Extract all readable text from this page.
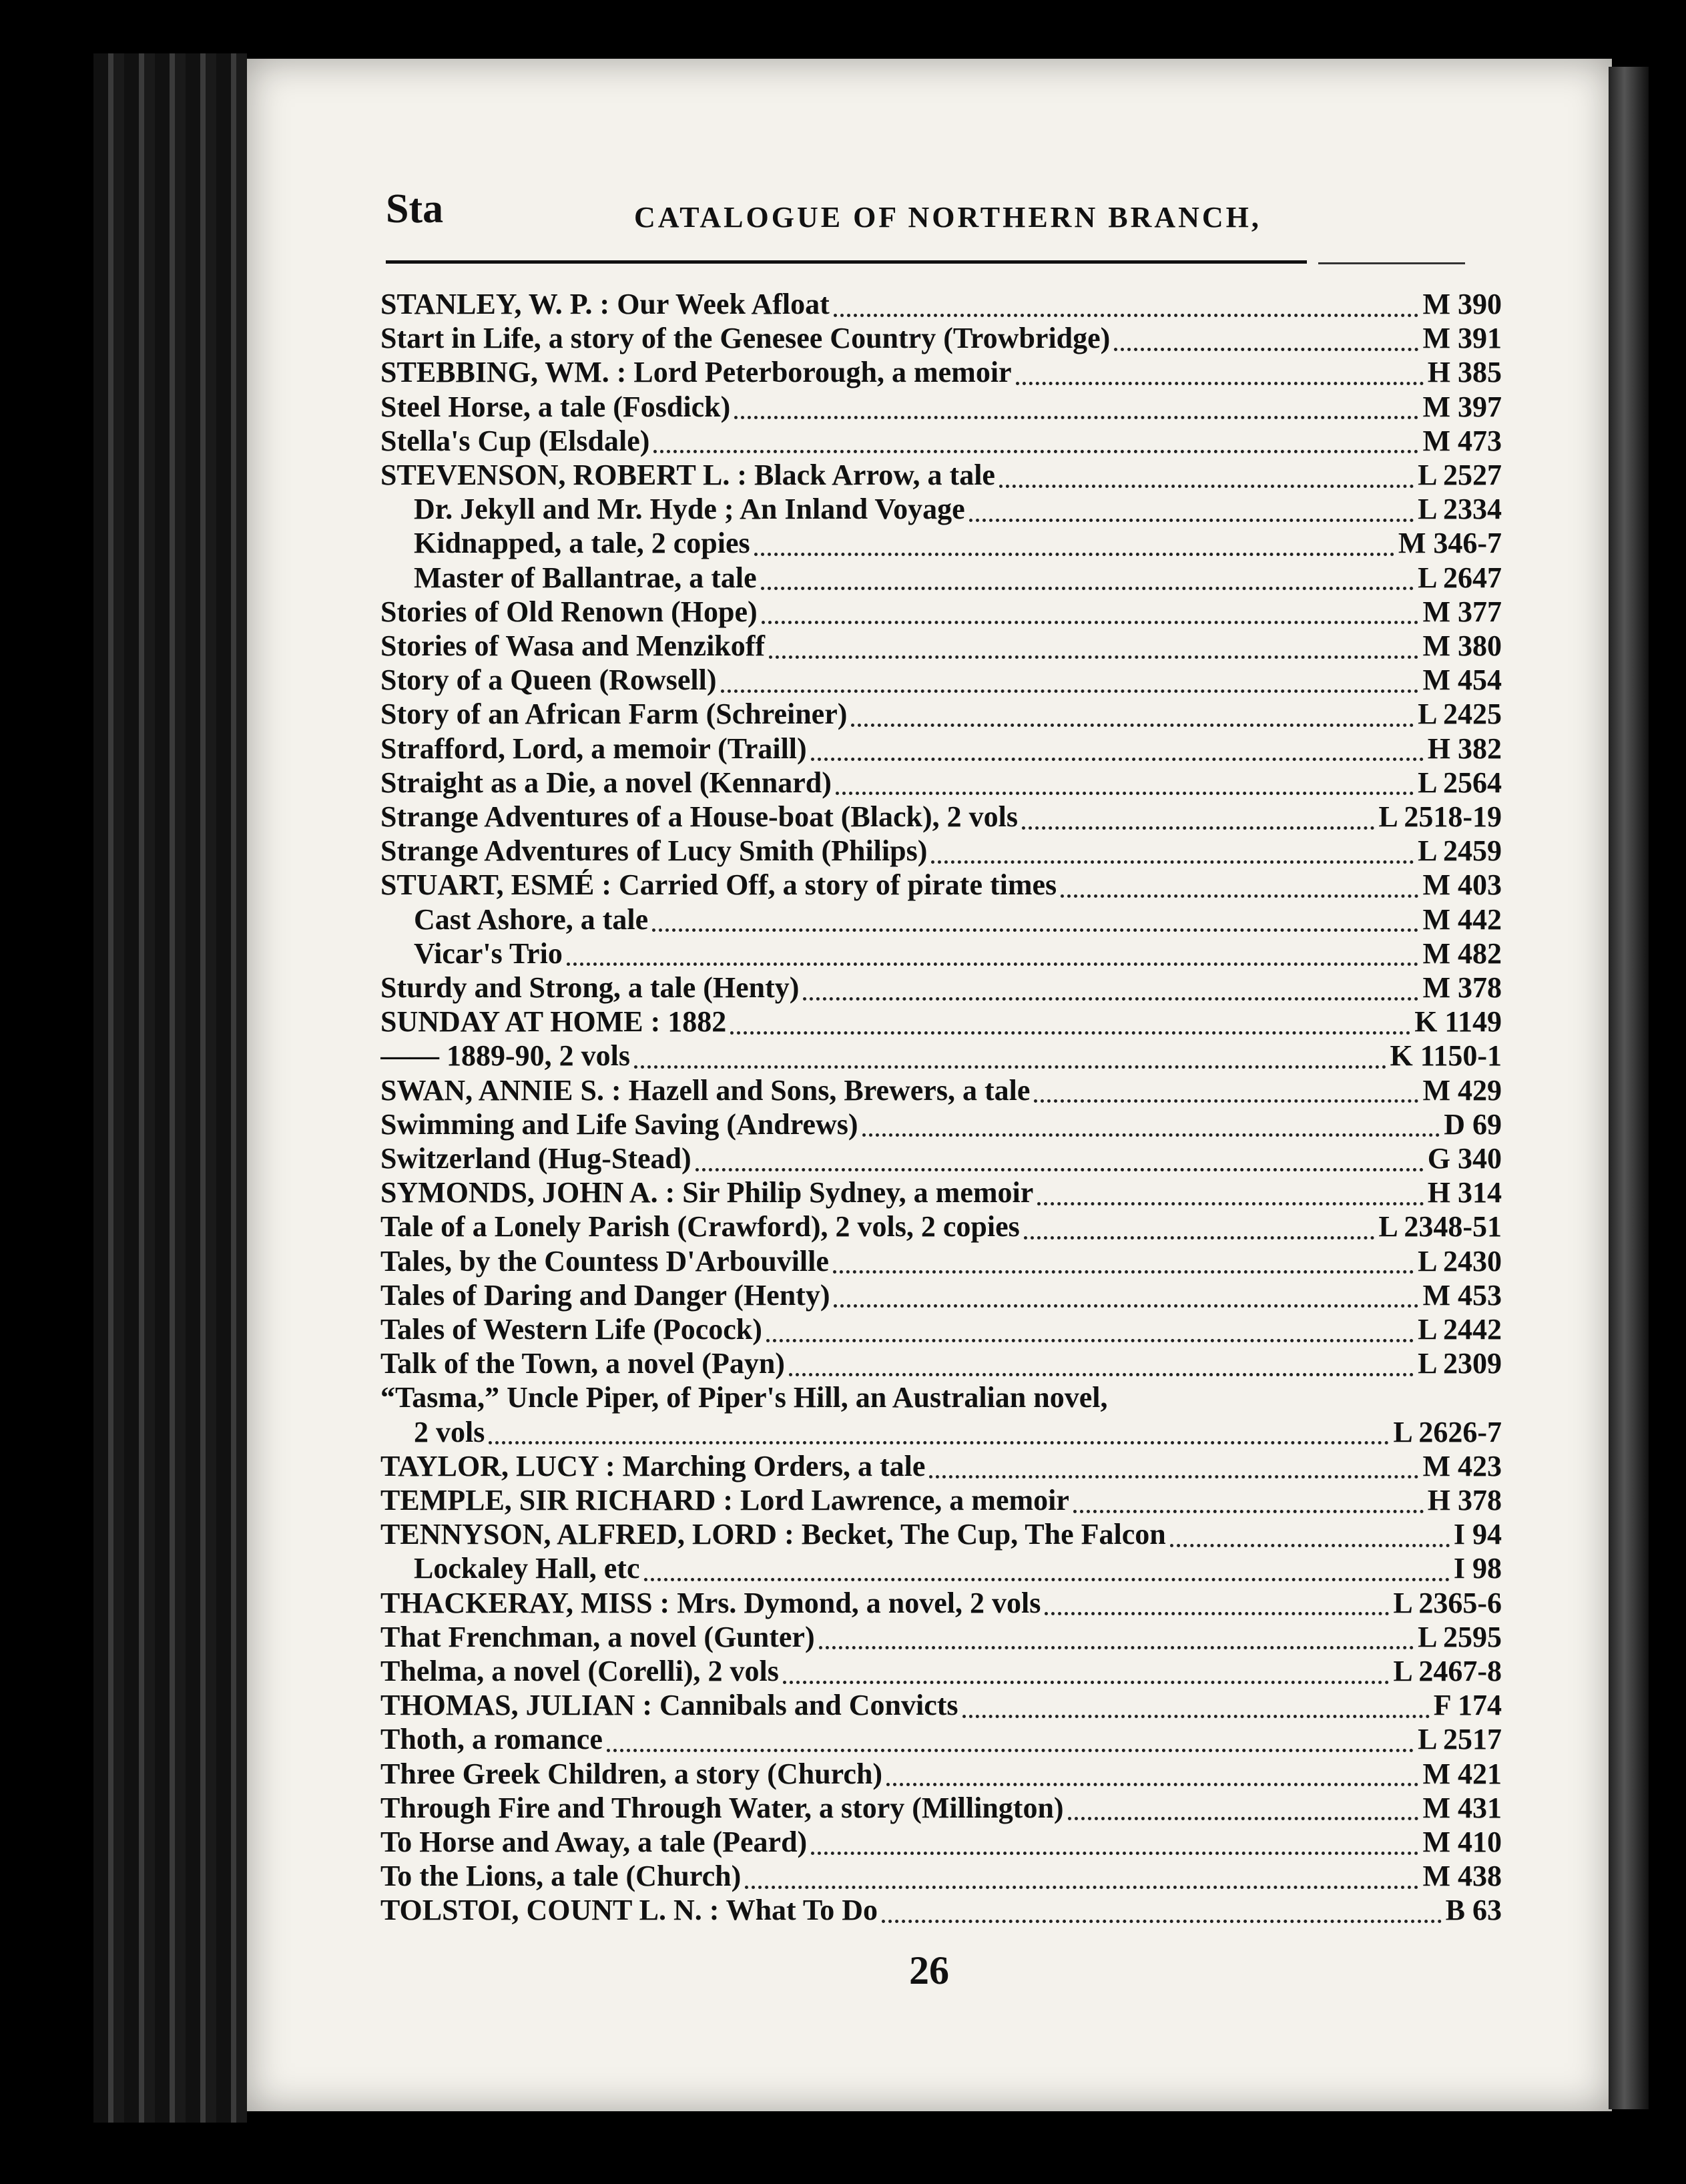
Sta	CATALOGUE OF NORTHERN BRANCH,
STANLEY, W. P. : Our Week Afloat	M 390
Start in Life, a story of the Genesee Country (Trowbridge)	M 391
STEBBING, WM. : Lord Peterborough, a memoir	H 385
Steel Horse, a tale (Fosdick)	M 397
Stella's Cup (Elsdale)	M 473
STEVENSON, ROBERT L. : Black Arrow, a tale	L 2527
Dr. Jekyll and Mr. Hyde ; An Inland Voyage	L 2334
Kidnapped, a tale, 2 copies	M 346-7
Master of Ballantrae, a tale	L 2647
Stories of Old Renown (Hope)	M 377
Stories of Wasa and Menzikoff	M 380
Story of a Queen (Rowsell)	M 454
Story of an African Farm (Schreiner)	L 2425
Strafford, Lord, a memoir (Traill)	H 382
Straight as a Die, a novel (Kennard)	L 2564
Strange Adventures of a House-boat (Black), 2 vols	L 2518-19
Strange Adventures of Lucy Smith (Philips)	L 2459
STUART, ESMÉ : Carried Off, a story of pirate times	M 403
Cast Ashore, a tale	M 442
Vicar's Trio	M 482
Sturdy and Strong, a tale (Henty)	M 378
SUNDAY AT HOME : 1882	K 1149
—— 1889-90, 2 vols	K 1150-1
SWAN, ANNIE S. : Hazell and Sons, Brewers, a tale	M 429
Swimming and Life Saving (Andrews)	D 69
Switzerland (Hug-Stead)	G 340
SYMONDS, JOHN A. : Sir Philip Sydney, a memoir	H 314
Tale of a Lonely Parish (Crawford), 2 vols, 2 copies	L 2348-51
Tales, by the Countess D'Arbouville	L 2430
Tales of Daring and Danger (Henty)	M 453
Tales of Western Life (Pocock)	L 2442
Talk of the Town, a novel (Payn)	L 2309
“Tasma,” Uncle Piper, of Piper's Hill, an Australian novel,
2 vols	L 2626-7
TAYLOR, LUCY : Marching Orders, a tale	M 423
TEMPLE, SIR RICHARD : Lord Lawrence, a memoir	H 378
TENNYSON, ALFRED, LORD : Becket, The Cup, The Falcon	I 94
Lockaley Hall, etc	I 98
THACKERAY, MISS : Mrs. Dymond, a novel, 2 vols	L 2365-6
That Frenchman, a novel (Gunter)	L 2595
Thelma, a novel (Corelli), 2 vols	L 2467-8
THOMAS, JULIAN : Cannibals and Convicts	F 174
Thoth, a romance	L 2517
Three Greek Children, a story (Church)	M 421
Through Fire and Through Water, a story (Millington)	M 431
To Horse and Away, a tale (Peard)	M 410
To the Lions, a tale (Church)	M 438
TOLSTOI, COUNT L. N. : What To Do	B 63
26
